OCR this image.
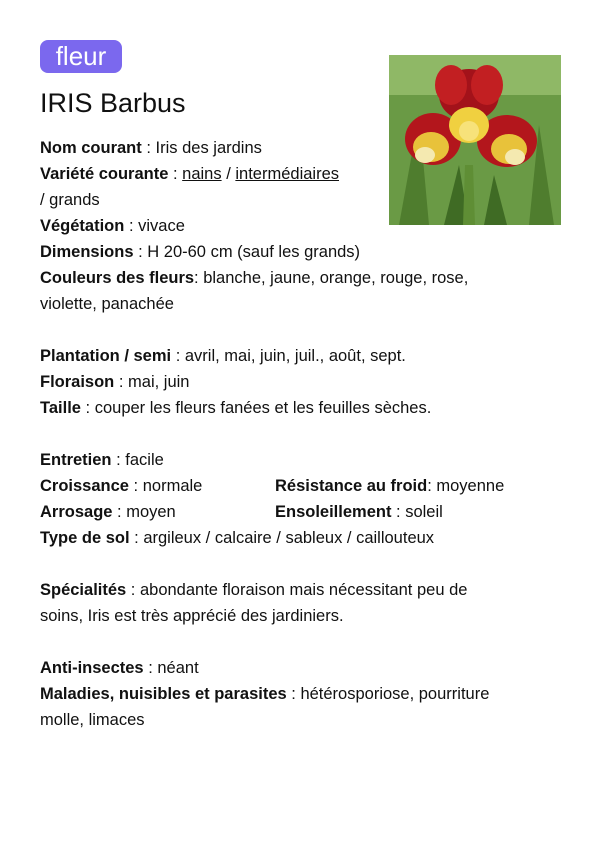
fleur
IRIS Barbus
Nom courant : Iris des jardins
Variété courante : nains / intermédiaires
/ grands
Végétation : vivace
Dimensions : H 20-60 cm (sauf les grands)
Couleurs des fleurs: blanche, jaune, orange, rouge, rose,
violette, panachée
Plantation / semi : avril, mai, juin, juil., août, sept.
Floraison : mai, juin
Taille : couper les fleurs fanées et les feuilles sèches.
Entretien : facile
Croissance : normale	Résistance au froid: moyenne
Arrosage : moyen	Ensoleillement : soleil
Type de sol : argileux / calcaire / sableux / caillouteux
Spécialités : abondante floraison mais nécessitant peu de
soins, Iris est très apprécié des jardiniers.
Anti-insectes : néant
Maladies, nuisibles et parasites : hétérosporiose, pourriture
molle, limaces
